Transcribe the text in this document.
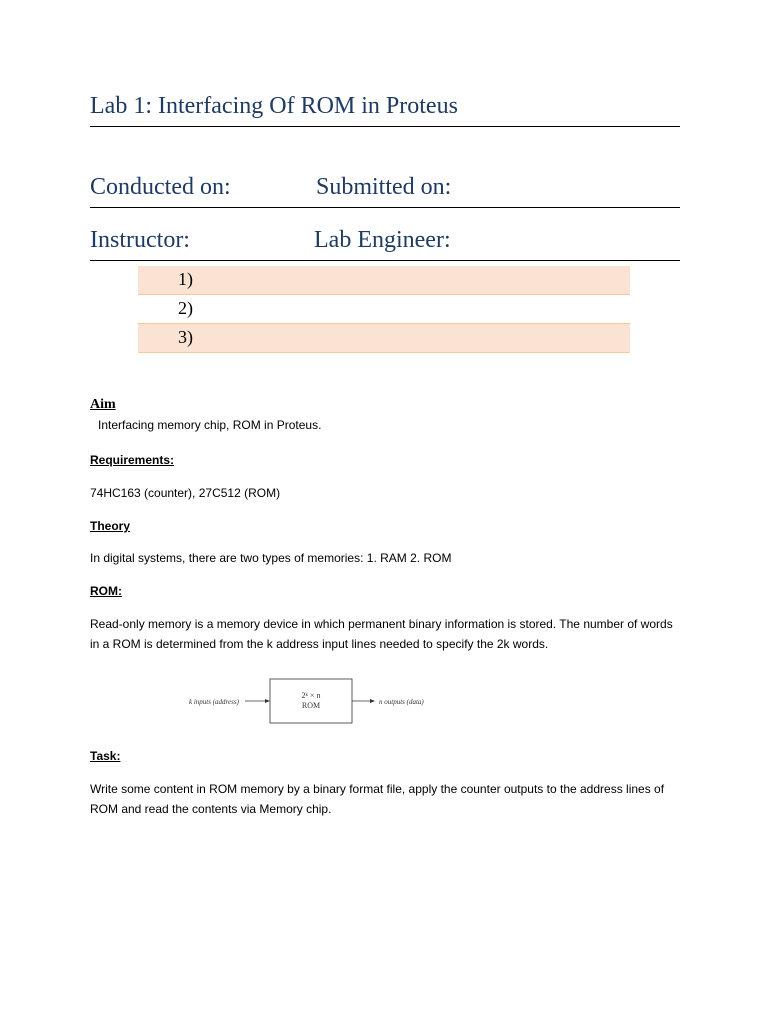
Lab 1: Interfacing Of ROM in Proteus
Conducted on:	Submitted on:
Instructor:	Lab Engineer:
1)
2)
3)
Aim
Interfacing memory chip, ROM in Proteus.
Requirements:
74HC163 (counter), 27C512 (ROM)
Theory
In digital systems, there are two types of memories: 1. RAM 2. ROM
ROM:
Read-only memory is a memory device in which permanent binary information is stored. The number of words in a ROM is determined from the k address input lines needed to specify the 2k words.
k inputs (address)
2ᵏ × n
ROM	n outputs (data)
Task:
Write some content in ROM memory by a binary format file, apply the counter outputs to the address lines of ROM and read the contents via Memory chip.
